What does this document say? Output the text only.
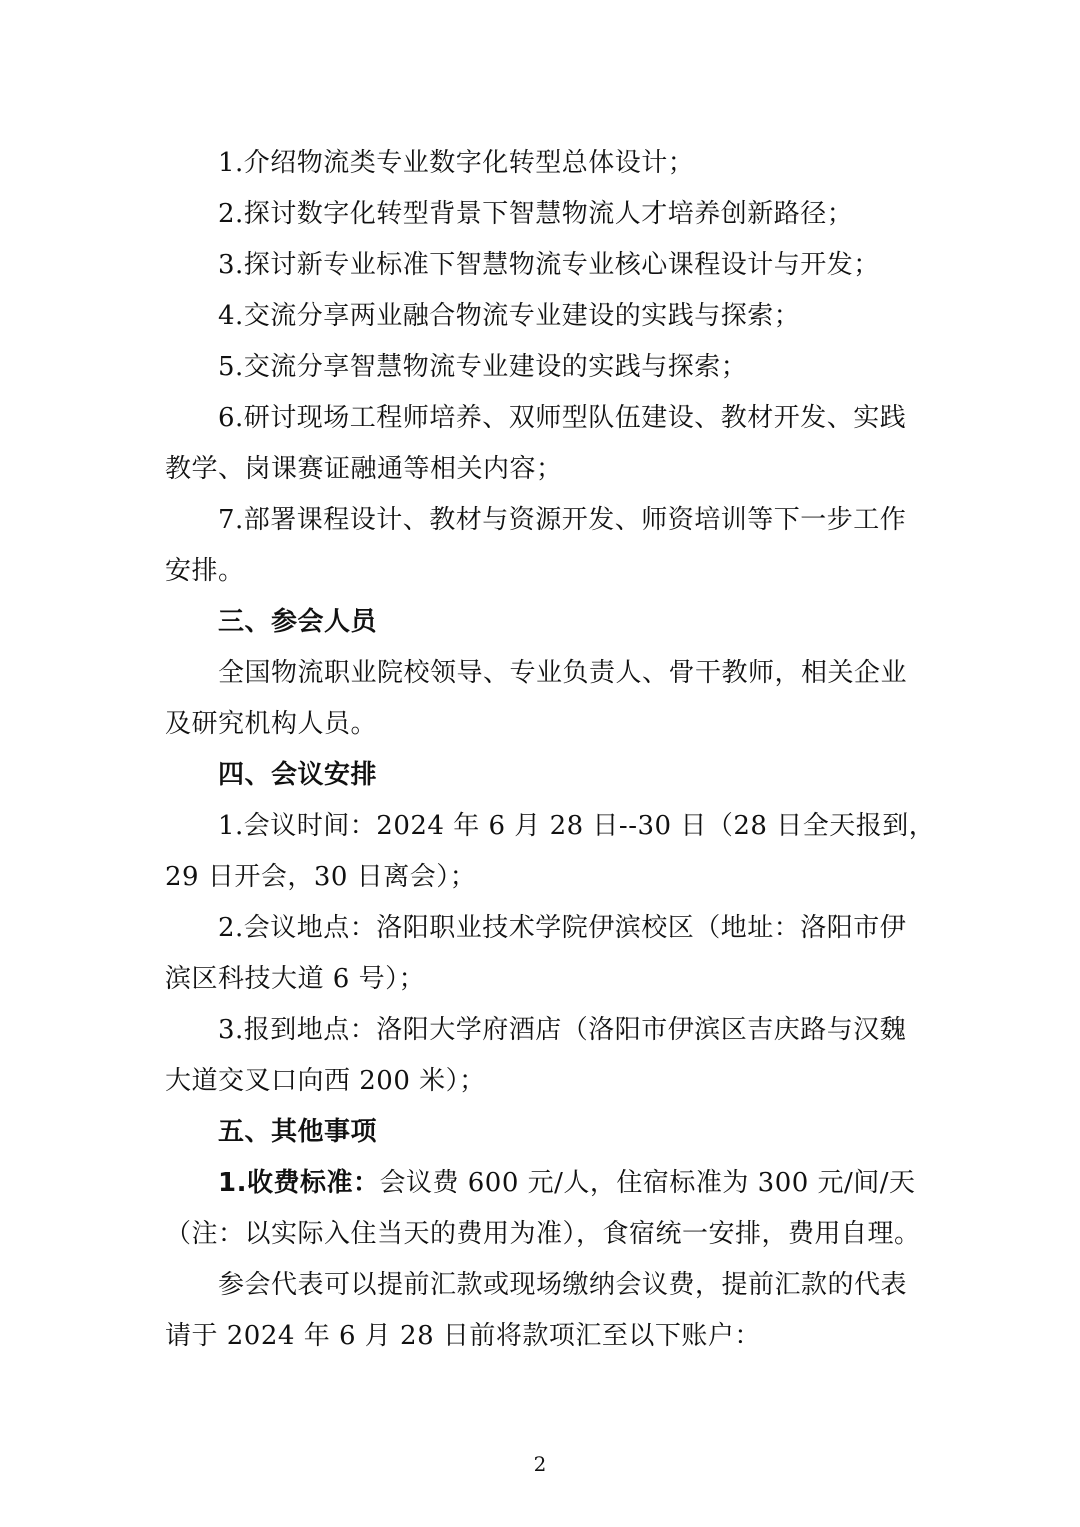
1.介绍物流类专业数字化转型总体设计；
2.探讨数字化转型背景下智慧物流人才培养创新路径；
3.探讨新专业标准下智慧物流专业核心课程设计与开发；
4.交流分享两业融合物流专业建设的实践与探索；
5.交流分享智慧物流专业建设的实践与探索；
6.研讨现场工程师培养、双师型队伍建设、教材开发、实践
教学、岗课赛证融通等相关内容；
7.部署课程设计、教材与资源开发、师资培训等下一步工作
安排。
三、参会人员
全国物流职业院校领导、专业负责人、骨干教师，相关企业
及研究机构人员。
四、会议安排
1.会议时间：2024 年 6 月 28 日--30 日（28 日全天报到，
29 日开会，30 日离会）；
2.会议地点：洛阳职业技术学院伊滨校区（地址：洛阳市伊
滨区科技大道 6 号）；
3.报到地点：洛阳大学府酒店（洛阳市伊滨区吉庆路与汉魏
大道交叉口向西 200 米）；
五、其他事项
1.收费标准：会议费 600 元/人，住宿标准为 300 元/间/天
（注：以实际入住当天的费用为准），食宿统一安排，费用自理。
参会代表可以提前汇款或现场缴纳会议费，提前汇款的代表
请于 2024 年 6 月 28 日前将款项汇至以下账户：
2
